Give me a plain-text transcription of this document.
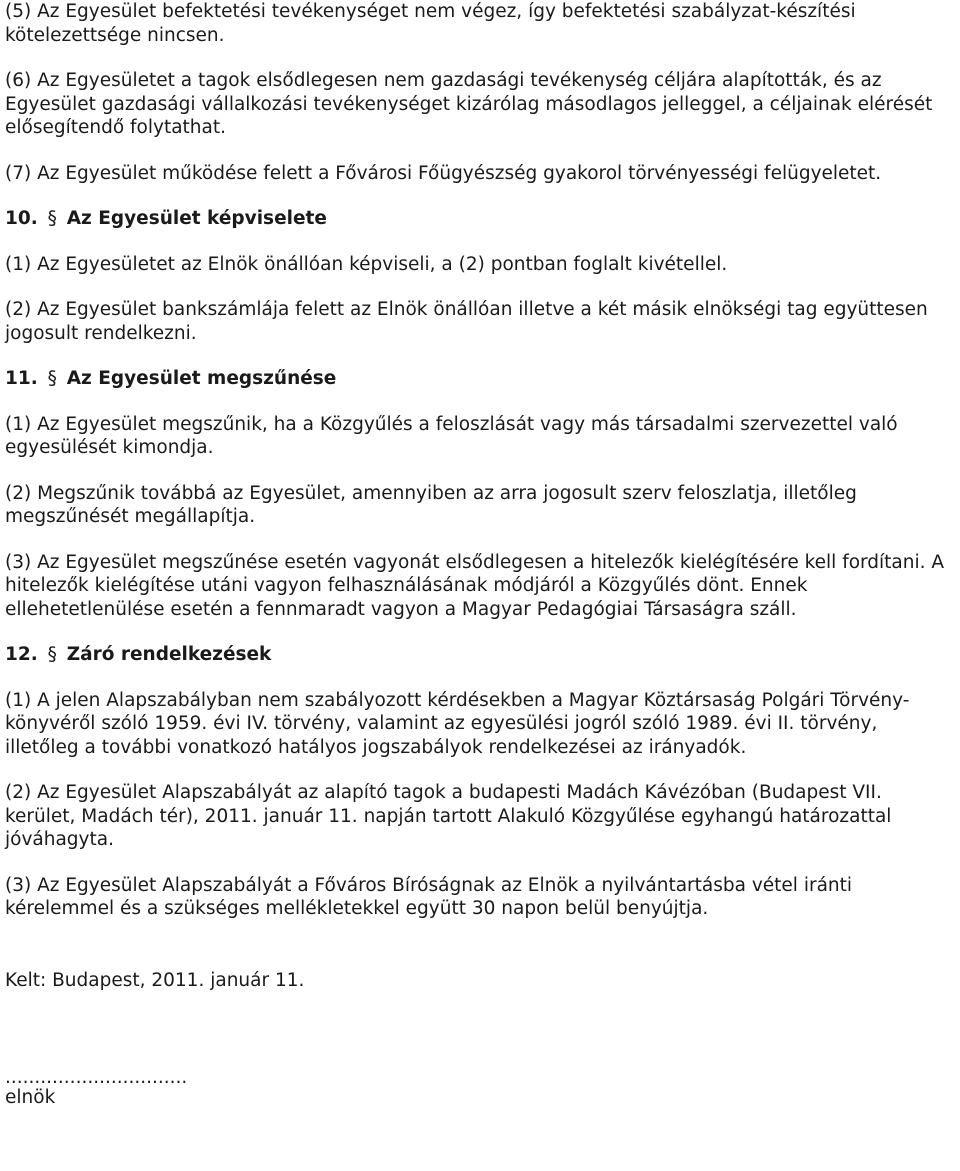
(5) Az Egyesület befektetési tevékenységet nem végez, így befektetési szabályzat-készítési
kötelezettsége nincsen.

(6) Az Egyesületet a tagok elsődlegesen nem gazdasági tevékenység céljára alapították, és az
Egyesület gazdasági vállalkozási tevékenységet kizárólag másodlagos jelleggel, a céljainak elérését
elősegítendő folytathat.

(7) Az Egyesület működése felett a Fővárosi Főügyészség gyakorol törvényességi felügyeletet.

10. § Az Egyesület képviselete

(1) Az Egyesületet az Elnök önállóan képviseli, a (2) pontban foglalt kivétellel.

(2) Az Egyesület bankszámlája felett az Elnök önállóan illetve a két másik elnökségi tag együttesen
jogosult rendelkezni.

11. § Az Egyesület megszűnése

(1) Az Egyesület megszűnik, ha a Közgyűlés a feloszlását vagy más társadalmi szervezettel való
egyesülését kimondja.

(2) Megszűnik továbbá az Egyesület, amennyiben az arra jogosult szerv feloszlatja, illetőleg
megszűnését megállapítja.

(3) Az Egyesület megszűnése esetén vagyonát elsődlegesen a hitelezők kielégítésére kell fordítani. A
hitelezők kielégítése utáni vagyon felhasználásának módjáról a Közgyűlés dönt. Ennek
ellehetetlenülése esetén a fennmaradt vagyon a Magyar Pedagógiai Társaságra száll.

12. § Záró rendelkezések

(1) A jelen Alapszabályban nem szabályozott kérdésekben a Magyar Köztársaság Polgári Törvény-
könyvéről szóló 1959. évi IV. törvény, valamint az egyesülési jogról szóló 1989. évi II. törvény,
illetőleg a további vonatkozó hatályos jogszabályok rendelkezései az irányadók.

(2) Az Egyesület Alapszabályát az alapító tagok a budapesti Madách Kávézóban (Budapest VII.
kerület, Madách tér), 2011. január 11. napján tartott Alakuló Közgyűlése egyhangú határozattal
jóváhagyta.

(3) Az Egyesület Alapszabályát a Főváros Bíróságnak az Elnök a nyilvántartásba vétel iránti
kérelemmel és a szükséges mellékletekkel együtt 30 napon belül benyújtja.

Kelt: Budapest, 2011. január 11.

...............................

elnök
